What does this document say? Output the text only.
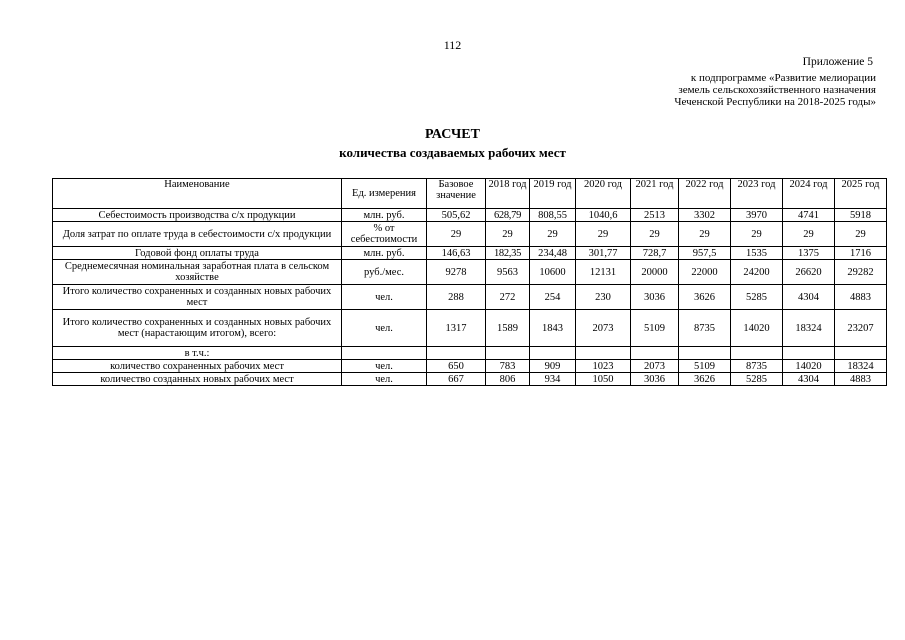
112
Приложение 5
к подпрограмме «Развитие мелиорации
земель сельскохозяйственного назначения
Чеченской Республики на 2018-2025 годы»
РАСЧЕТ
количества создаваемых рабочих мест
Наименование	Ед. измерения	Базовое значение	2018 год	2019 год	2020 год	2021 год	2022 год	2023 год	2024 год	2025 год
Себестоимость производства с/х продукции	млн. руб.	505,62	628,79	808,55	1040,6	2513	3302	3970	4741	5918
Доля затрат по оплате труда в себестоимости с/х продукции	% от себестоимости	29	29	29	29	29	29	29	29	29
Годовой фонд оплаты труда	млн. руб.	146,63	182,35	234,48	301,77	728,7	957,5	1535	1375	1716
Среднемесячная номинальная заработная плата в сельском хозяйстве	руб./мес.	9278	9563	10600	12131	20000	22000	24200	26620	29282
Итого количество сохраненных и созданных новых рабочих мест	чел.	288	272	254	230	3036	3626	5285	4304	4883
Итого количество сохраненных и созданных новых рабочих мест (нарастающим итогом), всего:	чел.	1317	1589	1843	2073	5109	8735	14020	18324	23207
в т.ч.:										
количество сохраненных рабочих мест	чел.	650	783	909	1023	2073	5109	8735	14020	18324
количество созданных новых рабочих мест	чел.	667	806	934	1050	3036	3626	5285	4304	4883
